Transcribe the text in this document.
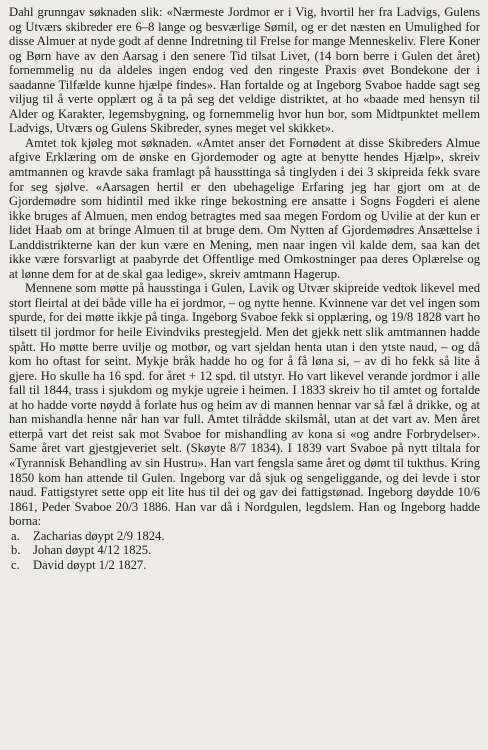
Dahl grunngav søknaden slik: «Nærmeste Jordmor er i Vig, hvortil her fra Ladvigs, Gulens og Utværs skibreder ere 6–8 lange og besværlige Sømil, og er det næsten en Umulighed for disse Almuer at nyde godt af denne Indretning til Frelse for mange Menneskeliv. Flere Koner og Børn have av den Aarsag i den senere Tid tilsat Livet, (14 born berre i Gulen det året) fornemmelig nu da aldeles ingen endog ved den ringeste Praxis øvet Bondekone der i saadanne Tilfælde kunne hjælpe findes». Han fortalde og at Ingeborg Svaboe hadde sagt seg viljug til å verte opplært og å ta på seg det veldige distriktet, at ho «baade med hensyn til Alder og Karakter, legemsbygning, og fornemmelig hvor hun bor, som Midtpunktet mellem Ladvigs, Utværs og Gulens Skibreder, synes meget vel skikket».

Amtet tok kjøleg mot søknaden. «Amtet anser det Fornødent at disse Skibreders Almue afgive Erklæring om de ønske en Gjordemoder og agte at benytte hendes Hjælp», skreiv amtmannen og kravde saka framlagt på haussttinga så tinglyden i dei 3 skipreida fekk svare for seg sjølve. «Aarsagen hertil er den ubehagelige Erfaring jeg har gjort om at de Gjordemødre som hidintil med ikke ringe bekostning ere ansatte i Sogns Fogderi ei alene ikke bruges af Almuen, men endog betragtes med saa megen Fordom og Uvilie at der kun er lidet Haab om at bringe Almuen til at bruge dem. Om Nytten af Gjordemødres Ansættelse i Landdistrikterne kan der kun være en Mening, men naar ingen vil kalde dem, saa kan det ikke være forsvarligt at paabyrde det Offentlige med Omkostninger paa deres Oplærelse og at lønne dem for at de skal gaa ledige», skreiv amtmann Hagerup.

Mennene som møtte på hausstinga i Gulen, Lavik og Utvær skipreide vedtok likevel med stort fleirtal at dei både ville ha ei jordmor, – og nytte henne. Kvinnene var det vel ingen som spurde, for dei møtte ikkje på tinga. Ingeborg Svaboe fekk si opplæring, og 19/8 1828 vart ho tilsett til jordmor for heile Eivindviks prestegjeld. Men det gjekk nett slik amtmannen hadde spått. Ho møtte berre uvilje og motbør, og vart sjeldan henta utan i den ytste naud, – og då kom ho oftast for seint. Mykje bråk hadde ho og for å få løna si, – av di ho fekk så lite å gjere. Ho skulle ha 16 spd. for året + 12 spd. til utstyr. Ho vart likevel verande jordmor i alle fall til 1844, trass i sjukdom og mykje ugreie i heimen. I 1833 skreiv ho til amtet og fortalde at ho hadde vorte nøydd å forlate hus og heim av di mannen hennar var så fæl å drikke, og at han mishandla henne når han var full. Amtet tilrådde skilsmål, utan at det vart av. Men året etterpå vart det reist sak mot Svaboe for mishandling av kona si «og andre Forbrydelser». Same året vart gjestgjeveriet selt. (Skøyte 8/7 1834). I 1839 vart Svaboe på nytt tiltala for «Tyrannisk Behandling av sin Hustru». Han vart fengsla same året og dømt til tukthus. Kring 1850 kom han attende til Gulen. Ingeborg var då sjuk og sengeliggande, og dei levde i stor naud. Fattigstyret sette opp eit lite hus til dei og gav dei fattigstønad. Ingeborg døydde 10/6 1861, Peder Svaboe 20/3 1886. Han var då i Nordgulen, legdslem. Han og Ingeborg hadde borna:

a.	Zacharias døypt 2/9 1824.
b. Johan døypt 4/12 1825.
c.	David døypt 1/2 1827.
